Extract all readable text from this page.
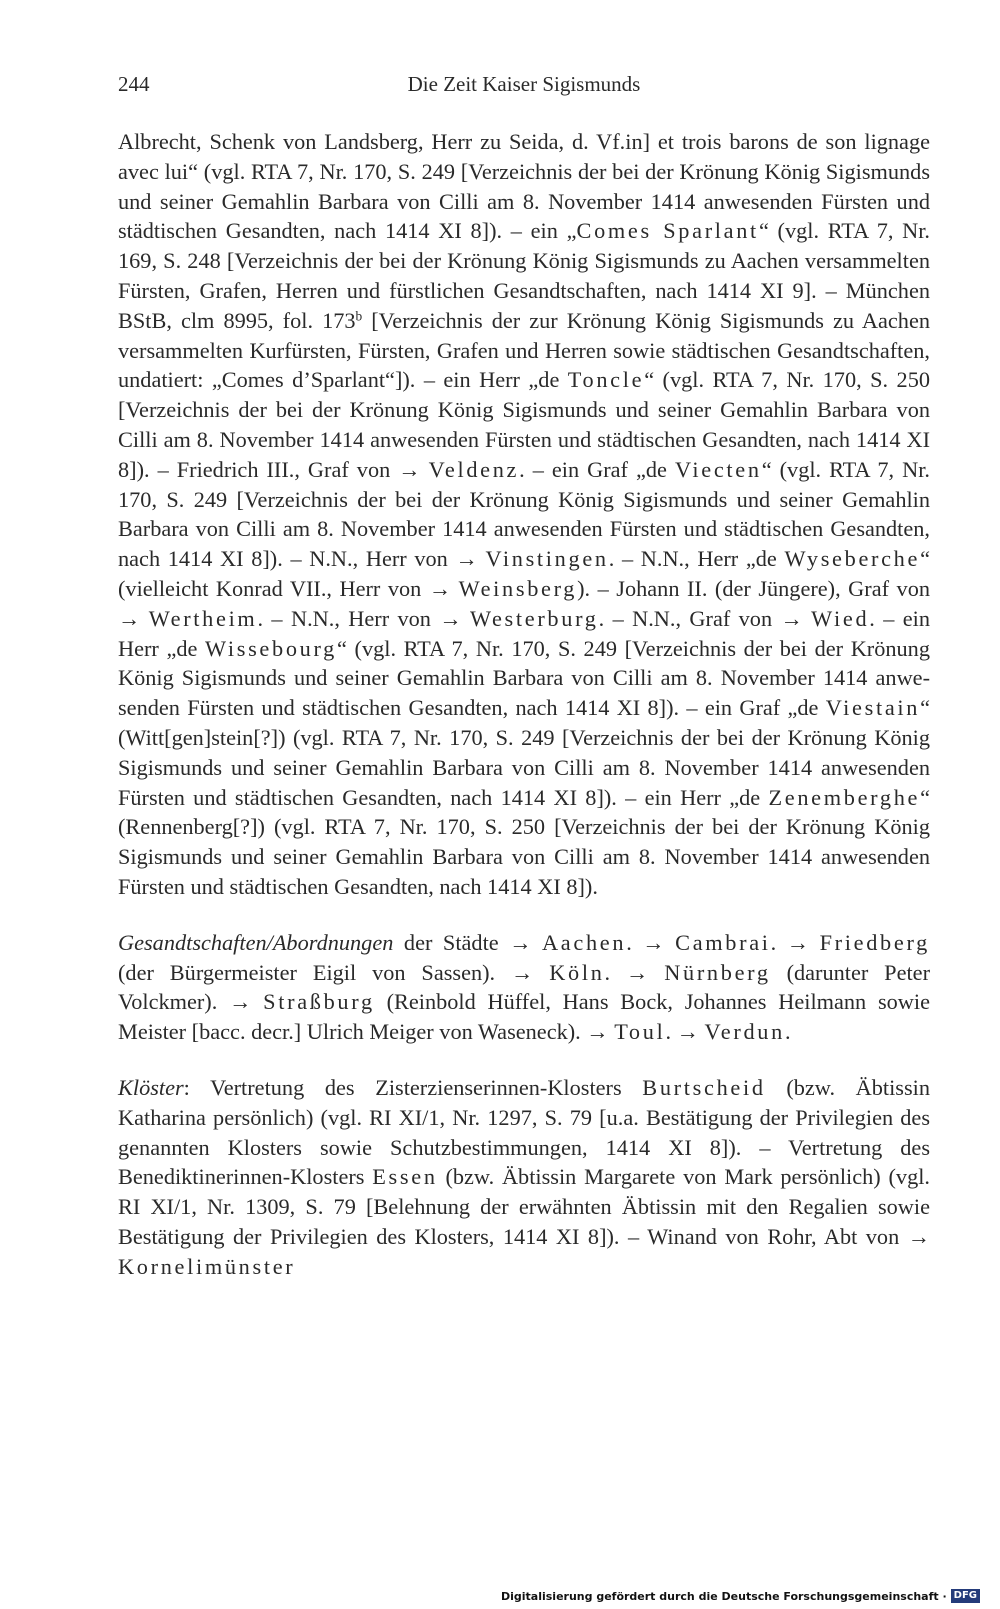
244	Die Zeit Kaiser Sigismunds

Albrecht, Schenk von Landsberg, Herr zu Seida, d. Vf.in] et trois barons de son lignage avec lui“ (vgl. RTA 7, Nr. 170, S. 249 [Verzeichnis der bei der Krönung König Sigismunds und seiner Gemahlin Barbara von Cilli am 8. November 1414 anwesenden Fürsten und städtischen Gesandten, nach 1414 XI 8]). – ein „Comes Sparlant“ (vgl. RTA 7, Nr. 169, S. 248 [Verzeichnis der bei der Krönung König Sigismunds zu Aachen versammelten Fürsten, Grafen, Herren und fürstlichen Gesandtschaften, nach 1414 XI 9]. – München BStB, clm 8995, fol. 173$^b$ [Verzeichnis der zur Krönung König Sigismunds zu Aachen versammelten Kurfürsten, Fürsten, Grafen und Herren sowie städtischen Gesandtschaften, undatiert: „Comes d’Sparlant“]). – ein Herr „de Toncle“ (vgl. RTA 7, Nr. 170, S. 250 [Verzeichnis der bei der Krönung König Sigismunds und seiner Gemahlin Barbara von Cilli am 8. November 1414 anwesenden Fürsten und städtischen Gesandten, nach 1414 XI 8]). – Friedrich III., Graf von → Veldenz. – ein Graf „de Viecten“ (vgl. RTA 7, Nr. 170, S. 249 [Verzeichnis der bei der Krönung König Sigismunds und seiner Gemahlin Barbara von Cilli am 8. November 1414 anwesenden Fürsten und städtischen Gesandten, nach 1414 XI 8]). – N.N., Herr von → Vinstingen. – N.N., Herr „de Wyseberche“ (vielleicht Konrad VII., Herr von → Weinsberg). – Johann II. (der Jüngere), Graf von → Wertheim. – N.N., Herr von → Westerburg. – N.N., Graf von → Wied. – ein Herr „de Wissebourg“ (vgl. RTA 7, Nr. 170, S. 249 [Verzeichnis der bei der Krönung König Sigismunds und seiner Gemahlin Barbara von Cilli am 8. November 1414 anwesenden Fürsten und städtischen Gesandten, nach 1414 XI 8]). – ein Graf „de Viestain“ (Witt[gen]stein[?]) (vgl. RTA 7, Nr. 170, S. 249 [Verzeichnis der bei der Krönung König Sigismunds und seiner Gemahlin Barbara von Cilli am 8. November 1414 anwesenden Fürsten und städtischen Gesandten, nach 1414 XI 8]). – ein Herr „de Zenemberghe“ (Rennenberg[?]) (vgl. RTA 7, Nr. 170, S. 250 [Verzeichnis der bei der Krönung König Sigismunds und seiner Gemahlin Barbara von Cilli am 8. November 1414 anwesenden Fürsten und städtischen Gesandten, nach 1414 XI 8]).

Gesandtschaften/Abordnungen der Städte → Aachen. → Cambrai. → Friedberg (der Bürgermeister Eigil von Sassen). → Köln. → Nürnberg (darunter Peter Volckmer). → Straßburg (Reinbold Hüffel, Hans Bock, Johannes Heilmann sowie Meister [bacc. decr.] Ulrich Meiger von Waseneck). → Toul. → Verdun.

Klöster: Vertretung des Zisterzienserinnen-Klosters Burtscheid (bzw. Äbtissin Katharina persönlich) (vgl. RI XI/1, Nr. 1297, S. 79 [u.a. Bestätigung der Privilegien des genannten Klosters sowie Schutzbestimmungen, 1414 XI 8]). – Vertretung des Benediktinerinnen-Klosters Essen (bzw. Äbtissin Margarete von Mark persönlich) (vgl. RI XI/1, Nr. 1309, S. 79 [Belehnung der erwähnten Äbtissin mit den Regalien sowie Bestätigung der Privilegien des Klosters, 1414 XI 8]). – Winand von Rohr, Abt von → Kornelimünster

Digitalisierung gefördert durch die Deutsche Forschungsgemeinschaft · DFG
